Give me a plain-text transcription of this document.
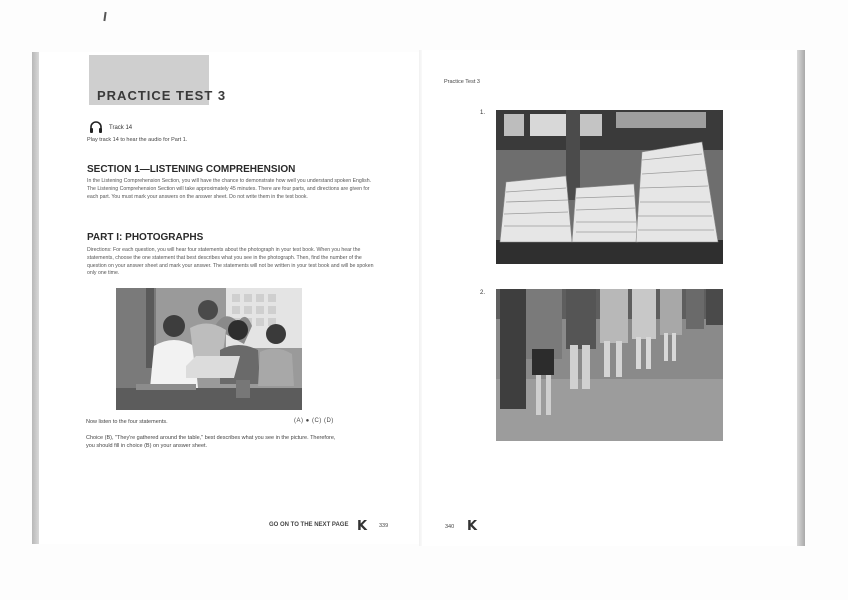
PRACTICE TEST 3
Track 14
Play track 14 to hear the audio for Part 1.
SECTION 1—LISTENING COMPREHENSION
In the Listening Comprehension Section, you will have the chance to demonstrate how well you understand spoken English. The Listening Comprehension Section will take approximately 45 minutes. There are four parts, and directions are given for each part. You must mark your answers on the answer sheet. Do not write them in the test book.
PART I: PHOTOGRAPHS
Directions: For each question, you will hear four statements about the photograph in your test book. When you hear the statements, choose the one statement that best describes what you see in the photograph. Then, find the number of the question on your answer sheet and mark your answer. The statements will not be written in your test book and will be spoken only one time.
Now listen to the four statements.	(A) ● (C) (D)
Choice (B), "They're gathered around the table," best describes what you see in the picture. Therefore, you should fill in choice (B) on your answer sheet.
GO ON TO THE NEXT PAGE K 339
Practice Test 3
1.
2.
340 K
